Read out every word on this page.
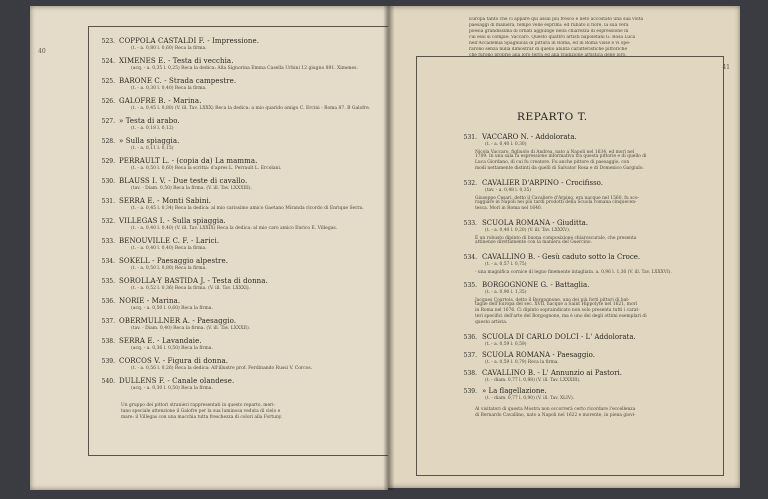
40
523. COPPOLA CASTALDI F. - Impressione.
(t. - a. 0,80 l. 0,60) Reca la firma.
524. XIMENES E. - Testa di vecchia.
(acq. - a. 0,35 l. 0,25) Reca la dedica: Alla Signorina Emma Casella Urbini 12 giugno 891. Ximenes.
525. BARONE C. - Strada campestre.
(t. - a. 0,30 l. 0,40) Reca la firma.
526. GALOFRE B. - Marina.
(t. - a. 0,45 l. 0,80) (V. ill. Tav. LXXX) Reca la dedica: a mio quarido amigo C. Ercini - Roma 87. B Galofre.
527. » Testa di arabo.
(t. - a. 0,18 l. 0,12)
528. » Sulla spiaggia.
(t. - a. 0,11 l. 0,15)
529. PERRAULT L. - (copia da) La mamma.
(t. - a. 0,50 l. 0,60) Reca la scritta: d'apres L. Perrault L. Ercolani.
530. BLAUSS I. V. - Due teste di cavallo.
(tav. - Diam. 0,50) Reca la firma. (V. ill. Tav. LXXXIII).
531. SERRA E. - Monti Sabini.
(t. - a. 0,45 l. 0,34) Reca la dedica: al mio carissimo amico Gaetano Miranda ricordo di Enrique Serra.
532. VILLEGAS I. - Sulla spiaggia.
(t. - a. 0,40 l. 0,40) (V. ill. Tav. LXXIX) Reca la dedica: al mio caro amico Enrico E. Villegas.
533. BENOUVILLE C. F. - Larici.
(t. - a. 0,40 l. 0,40) Reca la firma.
534. SOKELL - Paesaggio alpestre.
(t. - a. 0,50 l. 0,80) Reca la firma.
535. SOROLLA-Y BASTIDA J. - Testa di donna.
(t. - a. 0,52 l. 0,36) Reca la firma. (V. ill. Tav. LXXXI).
536. NORIE - Marina.
(acq. - a. 0,50 l. 0,60) Reca la firma.
537. OBERMULLNER A. - Paesaggio.
(tav. - Diam. 0,40) Reca la firma. (V. ill. Tav. LXXXII).
538. SERRA E. - Lavandaie.
(acq. - a. 0,36 l. 0,50) Reca la firma.
539. CORCOS V. - Figura di donna.
(t. - a. 0,56 l. 0,26) Reca la dedica: All'illustre prof. Ferdinando Russi V. Corcos.
540. DULLENS F. - Canale olandese.
(acq. - a. 0,30 l. 0,50) Reca la firma.
Un gruppo dei pittori stranieri rappresentati in questo reparto, meri-
tano speciale attenzione il Galofre per la sua luminosa veduta di cielo e
mare: il Villegas con una macchia tutta freschezza di colori alla Fortuny.
41
Europa tanto che ci appare qui assai più fresco e lieto accostato una sua volta
paesaggi di maniera, tempo velle esprimi: ed rubato il fiore, la sua vera
poesia grandissima di ornati aggiunge nella chiarezza di espressione in
cui essi si compie: Vaccaro. Questo quattro artisti napoletani G. Rosa Luca
nell'Accademia Spagnuola di pittura in Roma, ed in Roma visse e vi ope-
rarono senza nulla dimostrar di quello abilità caratteristiche pittoriche
che furono proprie alla loro terra ed alla tradizione artistica delle loro.
REPARTO T.
531. VACCARO N. - Addolorata.
(t. - a. 0,40 l. 0,30)
Nicola Vaccaro, figliuolo di Andrea, nato a Napoli nel 1634, ed morì nel
1709. In una sala fu espressione informativa tra questa pittorie e di quello di
Luca Giordano, di cui fu creatore. Fu anche pittore di paesaggio, con
modi nettamente distinti da quelli di Salvator Rosa e di Domenico Gargiulo.
532. CAVALIER D'ARPINO - Crocifisso.
(tav. - a. 0,48 l. 0,35)
Giuseppe Cesari, detto il Cavaliere d'Arpino, era nacque nel 1560, fu sco-
raggiare in Napoli nei più tardi prodotti della Scuola romana cinquecen-
tesca. Morì in Roma nel 1640.
533. SCUOLA ROMANA - Giuditta.
(t. - a. 0,40 l. 0,20) (V. ill. Tav. LXXXV).
È un robusto dipinto di buona composizione chiaroscurale, che presenta
attinenze direttamente con la maniera del Guercino.
534. CAVALLINO B. - Gesù caduto sotto la Croce.
(t. - a. 0,57 l. 0,75)
- una magnifica cornice di legno finemente intagliata. a. 0,96 l. 1,36 (V. ill. Tav. LXXXVI).
535. BORGOGNONE G. - Battaglia.
(t. - a. 0,90 l. 1,35)
Jacques Courtois, detto il Borgognone, uno dei più forti pittori di bat-
taglie dell'Europa del sec. XVII, nacque a Saint Hippolyte nel 1621, morì
in Roma nel 1676. Ci dipinto sopraindicato non solo presenta tutti i carat-
teri specifici dell'arte del Borgognone, ma è uno dei degli ottimi esemplari di
questo artista.
536. SCUOLA DI CARLO DOLCI - L' Addolorata.
(t. - a. 0,59 l. 0,59)
537. SCUOLA ROMANA - Paesaggio.
(t. - a. 0,59 l. 0,79) Reca la firma.
538. CAVALLINO B. - L' Annunzio ai Pastori.
(t. - diam. 0,77 l. 0,98) (V. ill. Tav. LXXXIII).
539. » La flagellazione.
(t. - diam. 0,77 l. 0,90) (V. ill. Tav. XLIV).
Al visitatori di questa Mostra non occorrerà certo ricordare l'eccellenza
di Bernardo Cavallino, nato a Napoli nel 1622 e morente, in piena giovi-
